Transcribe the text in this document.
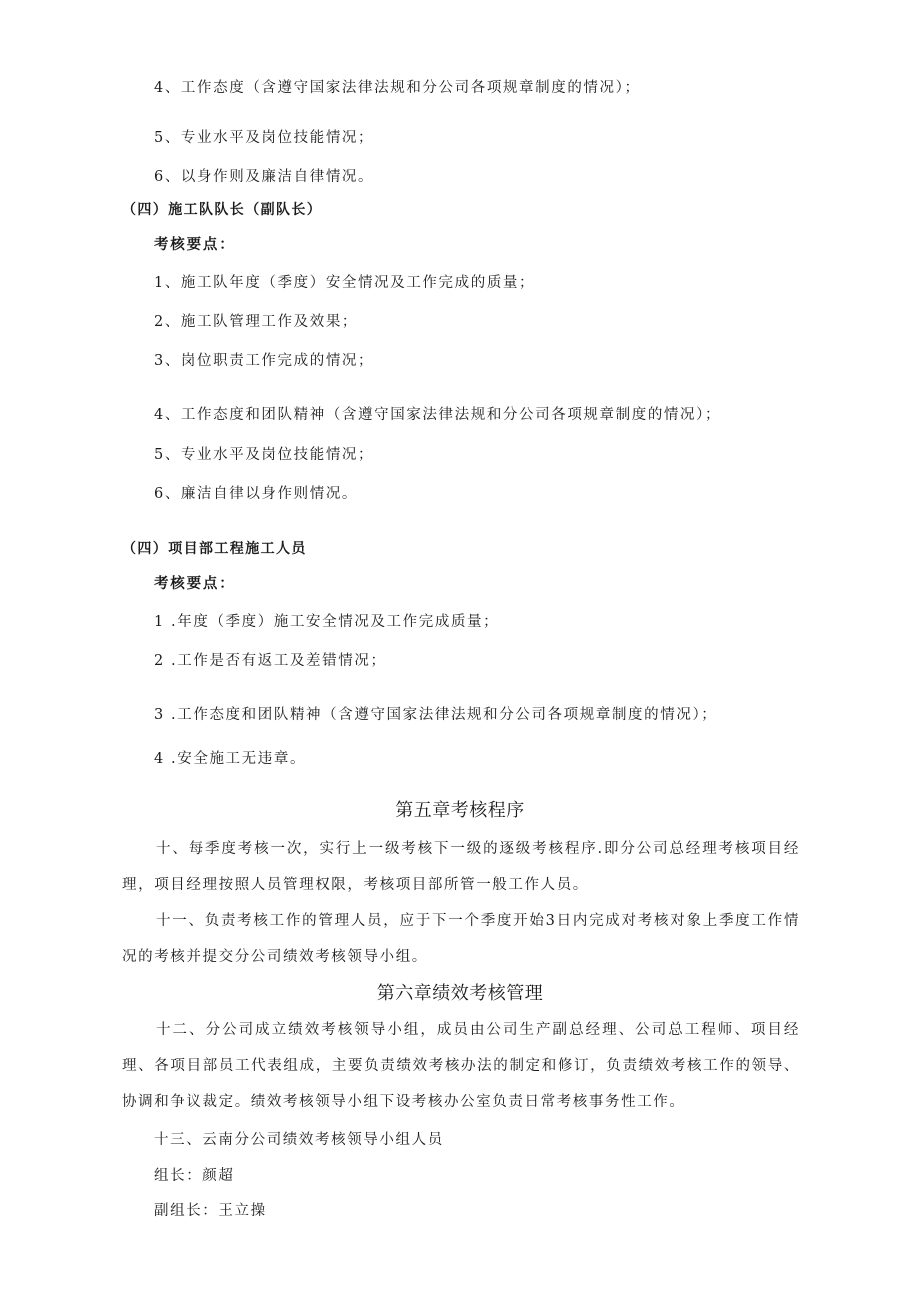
4、工作态度（含遵守国家法律法规和分公司各项规章制度的情况）；
5、专业水平及岗位技能情况；
6、以身作则及廉洁自律情况。
（四）施工队队长（副队长）
考核要点：
1、施工队年度（季度）安全情况及工作完成的质量；
2、施工队管理工作及效果；
3、岗位职责工作完成的情况；
4、工作态度和团队精神（含遵守国家法律法规和分公司各项规章制度的情况）；
5、专业水平及岗位技能情况；
6、廉洁自律以身作则情况。
（四）项目部工程施工人员
考核要点：
1 .年度（季度）施工安全情况及工作完成质量；
2 .工作是否有返工及差错情况；
3 .工作态度和团队精神（含遵守国家法律法规和分公司各项规章制度的情况）；
4 .安全施工无违章。
第五章考核程序

十、每季度考核一次，实行上一级考核下一级的逐级考核程序.即分公司总经理考核项目经理，项目经理按照人员管理权限，考核项目部所管一般工作人员。

十一、负责考核工作的管理人员，应于下一个季度开始3日内完成对考核对象上季度工作情况的考核并提交分公司绩效考核领导小组。

第六章绩效考核管理

十二、分公司成立绩效考核领导小组，成员由公司生产副总经理、公司总工程师、项目经理、各项目部员工代表组成，主要负责绩效考核办法的制定和修订，负责绩效考核工作的领导、协调和争议裁定。绩效考核领导小组下设考核办公室负责日常考核事务性工作。

十三、云南分公司绩效考核领导小组人员
组长：颜超
副组长：王立操
